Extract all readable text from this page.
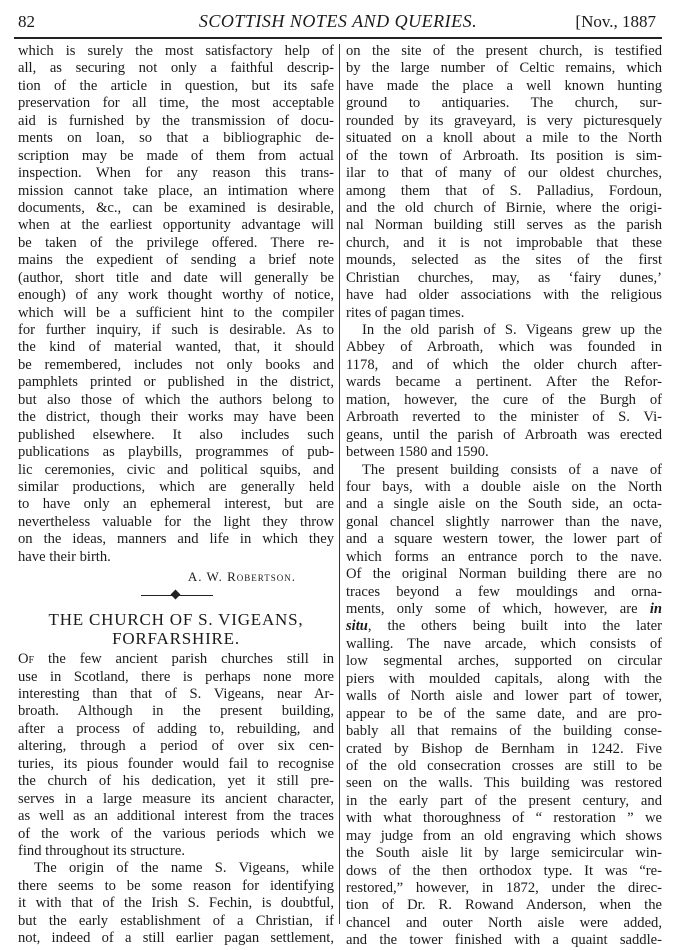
82	SCOTTISH NOTES AND QUERIES.	[Nov., 1887
which is surely the most satisfactory help of
all, as securing not only a faithful descrip-
tion of the article in question, but its safe
preservation for all time, the most acceptable
aid is furnished by the transmission of docu-
ments on loan, so that a bibliographic de-
scription may be made of them from actual
inspection. When for any reason this trans-
mission cannot take place, an intimation where
documents, &c., can be examined is desirable,
when at the earliest opportunity advantage will
be taken of the privilege offered. There re-
mains the expedient of sending a brief note
(author, short title and date will generally be
enough) of any work thought worthy of notice,
which will be a sufficient hint to the compiler
for further inquiry, if such is desirable. As to
the kind of material wanted, that, it should
be remembered, includes not only books and
pamphlets printed or published in the district,
but also those of which the authors belong to
the district, though their works may have been
published elsewhere. It also includes such
publications as playbills, programmes of pub-
lic ceremonies, civic and political squibs, and
similar productions, which are generally held
to have only an ephemeral interest, but are
nevertheless valuable for the light they throw
on the ideas, manners and life in which they
have their birth.
A. W. Robertson.
THE CHURCH OF S. VIGEANS,
FORFARSHIRE.
Of the few ancient parish churches still in
use in Scotland, there is perhaps none more
interesting than that of S. Vigeans, near Ar-
broath. Although in the present building,
after a process of adding to, rebuilding, and
altering, through a period of over six cen-
turies, its pious founder would fail to recognise
the church of his dedication, yet it still pre-
serves in a large measure its ancient character,
as well as an additional interest from the traces
of the work of the various periods which we
find throughout its structure.
The origin of the name S. Vigeans, while
there seems to be some reason for identifying
it with that of the Irish S. Fechin, is doubtful,
but the early establishment of a Christian, if
not, indeed of a still earlier pagan settlement,
on the site of the present church, is testified
by the large number of Celtic remains, which
have made the place a well known hunting
ground to antiquaries. The church, sur-
rounded by its graveyard, is very picturesquely
situated on a knoll about a mile to the North
of the town of Arbroath. Its position is sim-
ilar to that of many of our oldest churches,
among them that of S. Palladius, Fordoun,
and the old church of Birnie, where the origi-
nal Norman building still serves as the parish
church, and it is not improbable that these
mounds, selected as the sites of the first
Christian churches, may, as ‘fairy dunes,’
have had older associations with the religious
rites of pagan times.
In the old parish of S. Vigeans grew up the
Abbey of Arbroath, which was founded in
1178, and of which the older church after-
wards became a pertinent. After the Refor-
mation, however, the cure of the Burgh of
Arbroath reverted to the minister of S. Vi-
geans, until the parish of Arbroath was erected
between 1580 and 1590.
The present building consists of a nave of
four bays, with a double aisle on the North
and a single aisle on the South side, an octa-
gonal chancel slightly narrower than the nave,
and a square western tower, the lower part of
which forms an entrance porch to the nave.
Of the original Norman building there are no
traces beyond a few mouldings and orna-
ments, only some of which, however, are in
situ, the others being built into the later
walling. The nave arcade, which consists of
low segmental arches, supported on circular
piers with moulded capitals, along with the
walls of North aisle and lower part of tower,
appear to be of the same date, and are pro-
bably all that remains of the building conse-
crated by Bishop de Bernham in 1242. Five
of the old consecration crosses are still to be
seen on the walls. This building was restored
in the early part of the present century, and
with what thoroughness of “ restoration ” we
may judge from an old engraving which shows
the South aisle lit by large semicircular win-
dows of the then orthodox type. It was “re-
restored,” however, in 1872, under the direc-
tion of Dr. R. Rowand Anderson, when the
chancel and outer North aisle were added,
and the tower finished with a quaint saddle-
